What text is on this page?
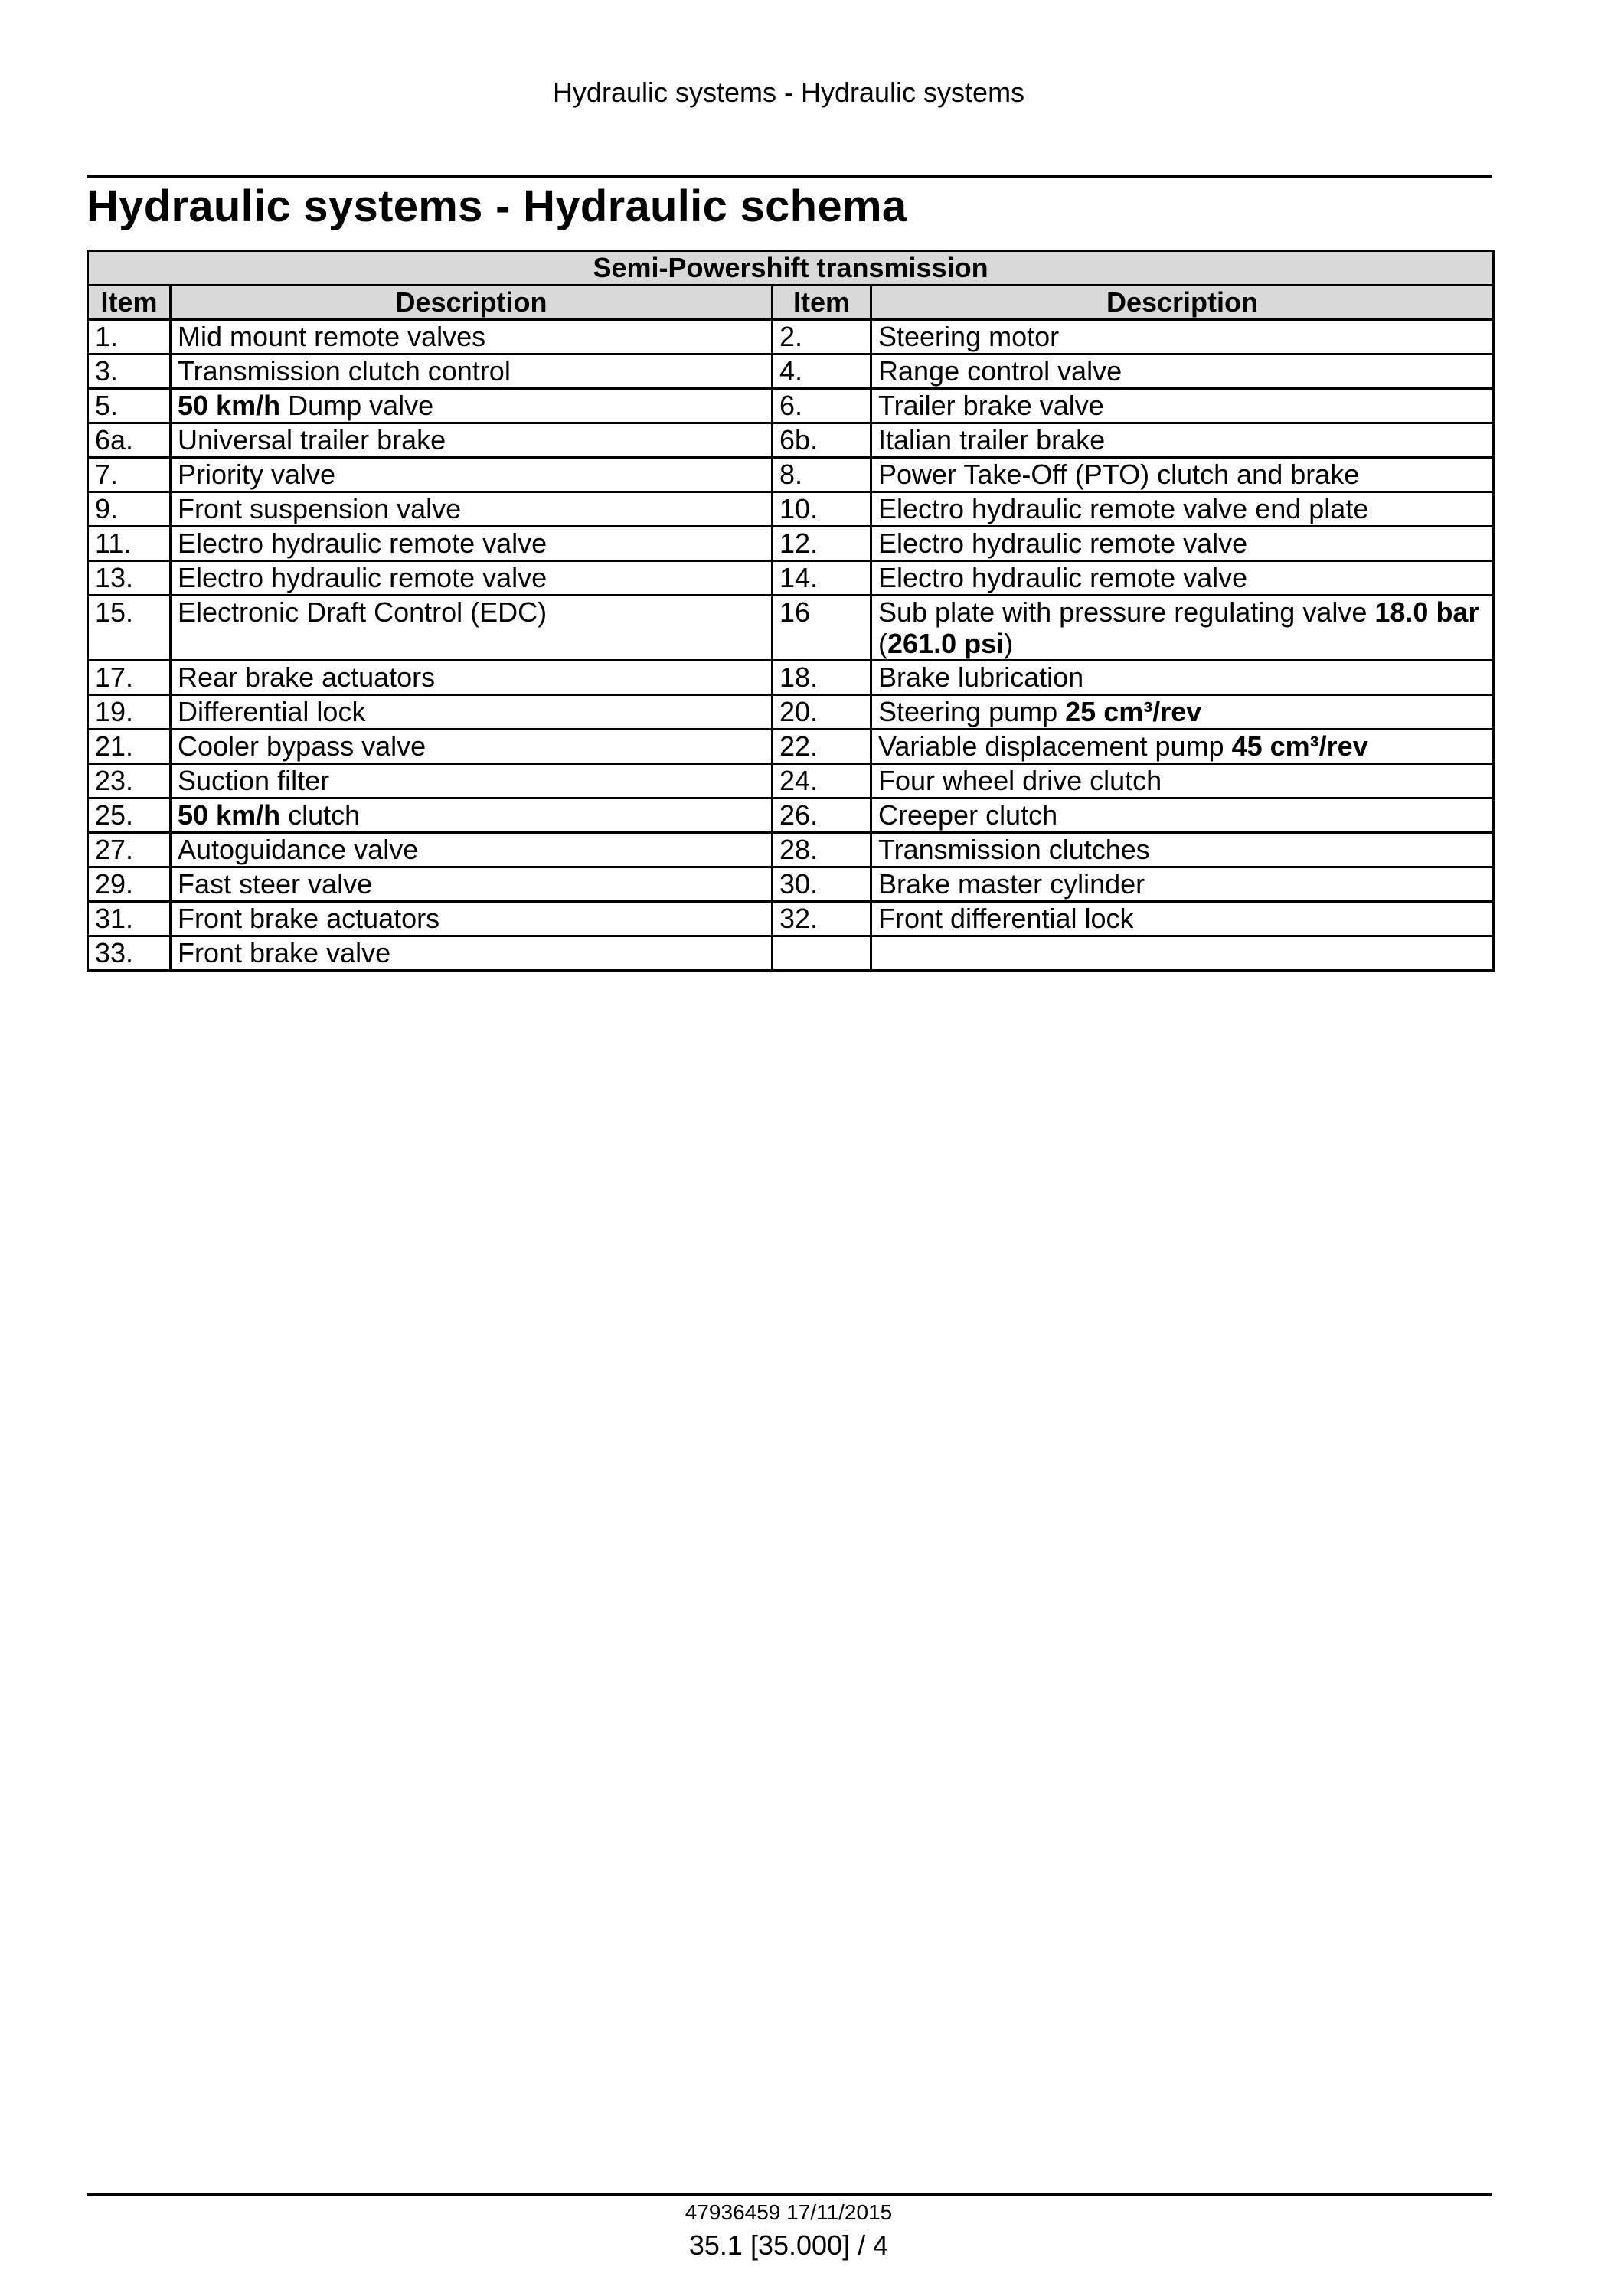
Hydraulic systems - Hydraulic systems
Hydraulic systems - Hydraulic schema
Semi-Powershift transmission			
Item	Description	Item	Description
1.	Mid mount remote valves	2.	Steering motor
3.	Transmission clutch control	4.	Range control valve
5.	50 km/h Dump valve	6.	Trailer brake valve
6a.	Universal trailer brake	6b.	Italian trailer brake
7.	Priority valve	8.	Power Take-Off (PTO) clutch and brake
9.	Front suspension valve	10.	Electro hydraulic remote valve end plate
11.	Electro hydraulic remote valve	12.	Electro hydraulic remote valve
13.	Electro hydraulic remote valve	14.	Electro hydraulic remote valve
15.	Electronic Draft Control (EDC)	16	Sub plate with pressure regulating valve 18.0 bar (261.0 psi)
17.	Rear brake actuators	18.	Brake lubrication
19.	Differential lock	20.	Steering pump 25 cm³/rev
21.	Cooler bypass valve	22.	Variable displacement pump 45 cm³/rev
23.	Suction filter	24.	Four wheel drive clutch
25.	50 km/h clutch	26.	Creeper clutch
27.	Autoguidance valve	28.	Transmission clutches
29.	Fast steer valve	30.	Brake master cylinder
31.	Front brake actuators	32.	Front differential lock
33.	Front brake valve		
47936459 17/11/2015
35.1 [35.000] / 4
